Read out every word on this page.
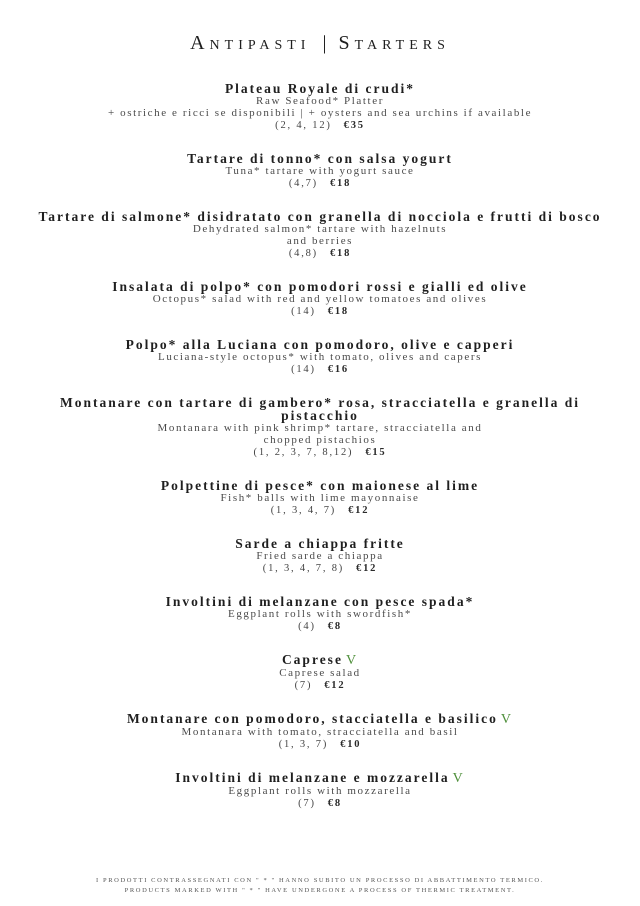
Antipasti | Starters
Plateau Royale di crudi*
Raw Seafood* Platter
+ ostriche e ricci se disponibili | + oysters and sea urchins if available
(2, 4, 12) €35
Tartare di tonno* con salsa yogurt
Tuna* tartare with yogurt sauce
(4,7) €18
Tartare di salmone* disidratato con granella di nocciola e frutti di bosco
Dehydrated salmon* tartare with hazelnuts
and berries
(4,8) €18
Insalata di polpo* con pomodori rossi e gialli ed olive
Octopus* salad with red and yellow tomatoes and olives
(14) €18
Polpo* alla Luciana con pomodoro, olive e capperi
Luciana-style octopus* with tomato, olives and capers
(14) €16
Montanare con tartare di gambero* rosa, stracciatella e granella di pistacchio
Montanara with pink shrimp* tartare, stracciatella and
chopped pistachios
(1, 2, 3, 7, 8,12) €15
Polpettine di pesce* con maionese al lime
Fish* balls with lime mayonnaise
(1, 3, 4, 7) €12
Sarde a chiappa fritte
Fried sarde a chiappa
(1, 3, 4, 7, 8) €12
Involtini di melanzane con pesce spada*
Eggplant rolls with swordfish*
(4) €8
Caprese V
Caprese salad
(7) €12
Montanare con pomodoro, stacciatella e basilico V
Montanara with tomato, stracciatella and basil
(1, 3, 7) €10
Involtini di melanzane e mozzarella V
Eggplant rolls with mozzarella
(7) €8
I PRODOTTI CONTRASSEGNATI CON " * " HANNO SUBITO UN PROCESSO DI ABBATTIMENTO TERMICO.
PRODUCTS MARKED WITH " * " HAVE UNDERGONE A PROCESS OF THERMIC TREATMENT.
